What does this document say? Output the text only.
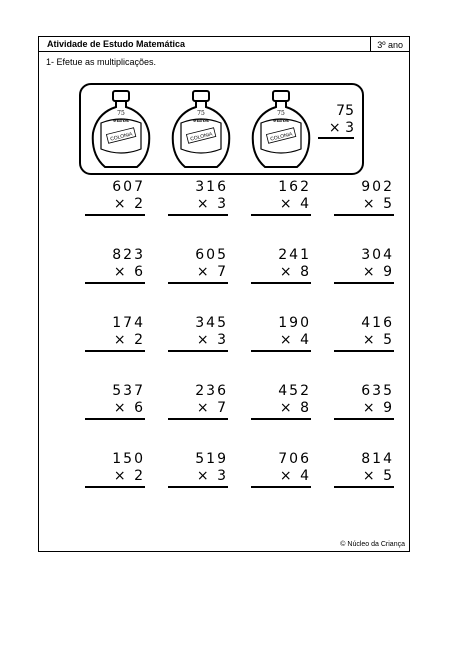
Atividade de Estudo Matemática	3º ano
1- Efetue as multiplicações.
75
euros
COLONIA
75
euros
COLONIA
75
euros
COLONIA
75
× 3
607
× 2
316
× 3
162
× 4
902
× 5
823
× 6
605
× 7
241
× 8
304
× 9
174
× 2
345
× 3
190
× 4
416
× 5
537
× 6
236
× 7
452
× 8
635
× 9
150
× 2
519
× 3
706
× 4
814
× 5
© Núcleo da Criança
